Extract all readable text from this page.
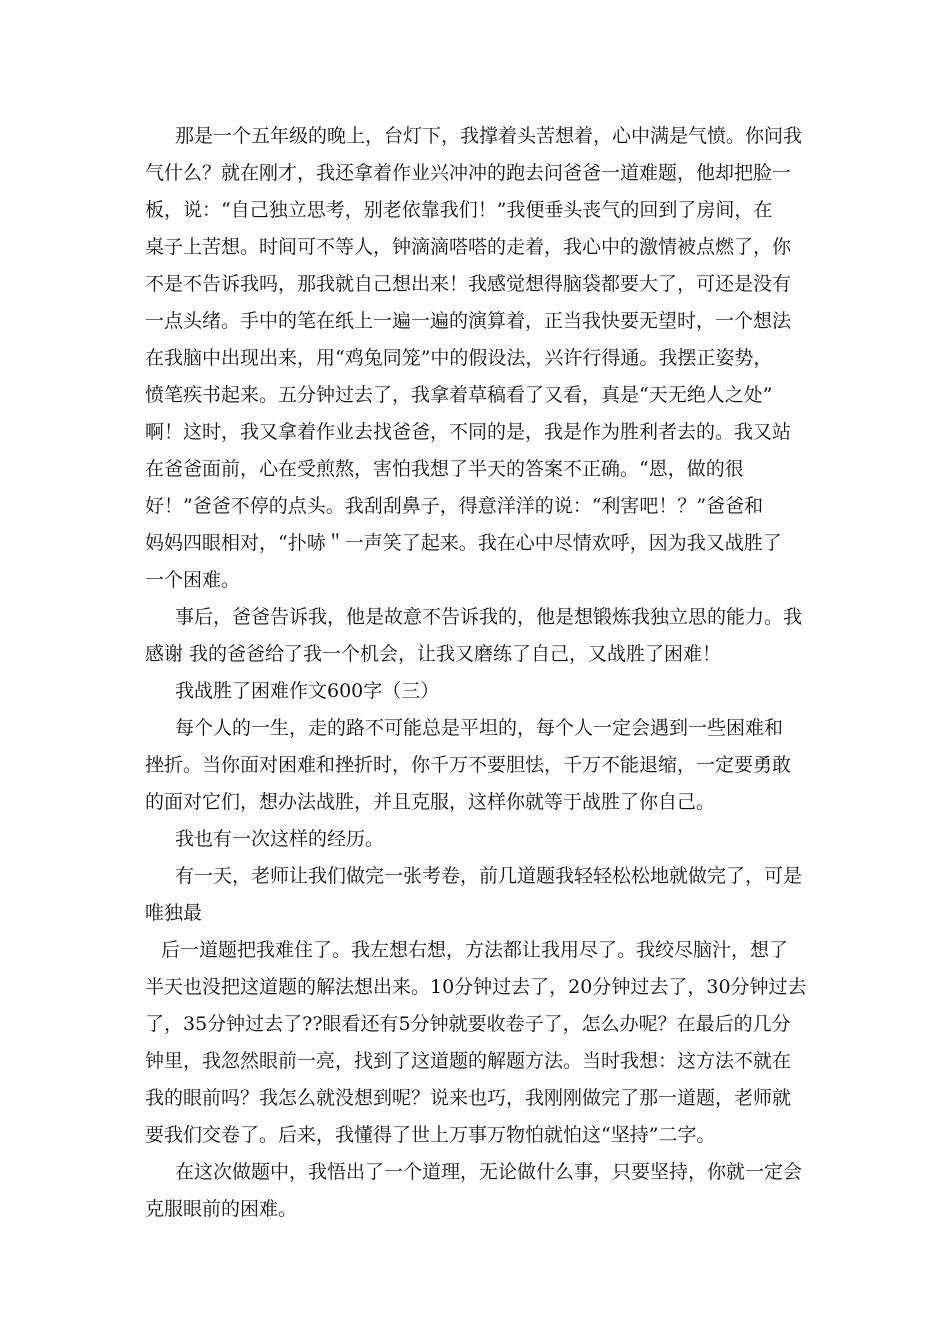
那是一个五年级的晚上，台灯下，我撑着头苦想着，心中满是气愤。你问我
气什么？就在刚才，我还拿着作业兴冲冲的跑去问爸爸一道难题，他却把脸一
板，说：“自己独立思考，别老依靠我们！”我便垂头丧气的回到了房间，在
桌子上苦想。时间可不等人，钟滴滴嗒嗒的走着，我心中的激情被点燃了，你
不是不告诉我吗，那我就自己想出来！我感觉想得脑袋都要大了，可还是没有
一点头绪。手中的笔在纸上一遍一遍的演算着，正当我快要无望时，一个想法
在我脑中出现出来，用“鸡兔同笼”中的假设法，兴许行得通。我摆正姿势，
愤笔疾书起来。五分钟过去了，我拿着草稿看了又看，真是“天无绝人之处”
啊！这时，我又拿着作业去找爸爸，不同的是，我是作为胜利者去的。我又站
在爸爸面前，心在受煎熬，害怕我想了半天的答案不正确。“恩，做的很
好！”爸爸不停的点头。我刮刮鼻子，得意洋洋的说：“利害吧！？”爸爸和
妈妈四眼相对，“扑哧＂一声笑了起来。我在心中尽情欢呼，因为我又战胜了
一个困难。
事后，爸爸告诉我，他是故意不告诉我的，他是想锻炼我独立思的能力。我
感谢 我的爸爸给了我一个机会，让我又磨练了自己，又战胜了困难！
我战胜了困难作文600字（三）
每个人的一生，走的路不可能总是平坦的，每个人一定会遇到一些困难和
挫折。当你面对困难和挫折时，你千万不要胆怯，千万不能退缩，一定要勇敢
的面对它们，想办法战胜，并且克服，这样你就等于战胜了你自己。
我也有一次这样的经历。
有一天，老师让我们做完一张考卷，前几道题我轻轻松松地就做完了，可是
唯独最
后一道题把我难住了。我左想右想，方法都让我用尽了。我绞尽脑汁，想了
半天也没把这道题的解法想出来。10分钟过去了，20分钟过去了，30分钟过去
了，35分钟过去了??眼看还有5分钟就要收卷子了，怎么办呢？在最后的几分
钟里，我忽然眼前一亮，找到了这道题的解题方法。当时我想：这方法不就在
我的眼前吗？我怎么就没想到呢？说来也巧，我刚刚做完了那一道题，老师就
要我们交卷了。后来，我懂得了世上万事万物怕就怕这“坚持”二字。
在这次做题中，我悟出了一个道理，无论做什么事，只要坚持，你就一定会
克服眼前的困难。
